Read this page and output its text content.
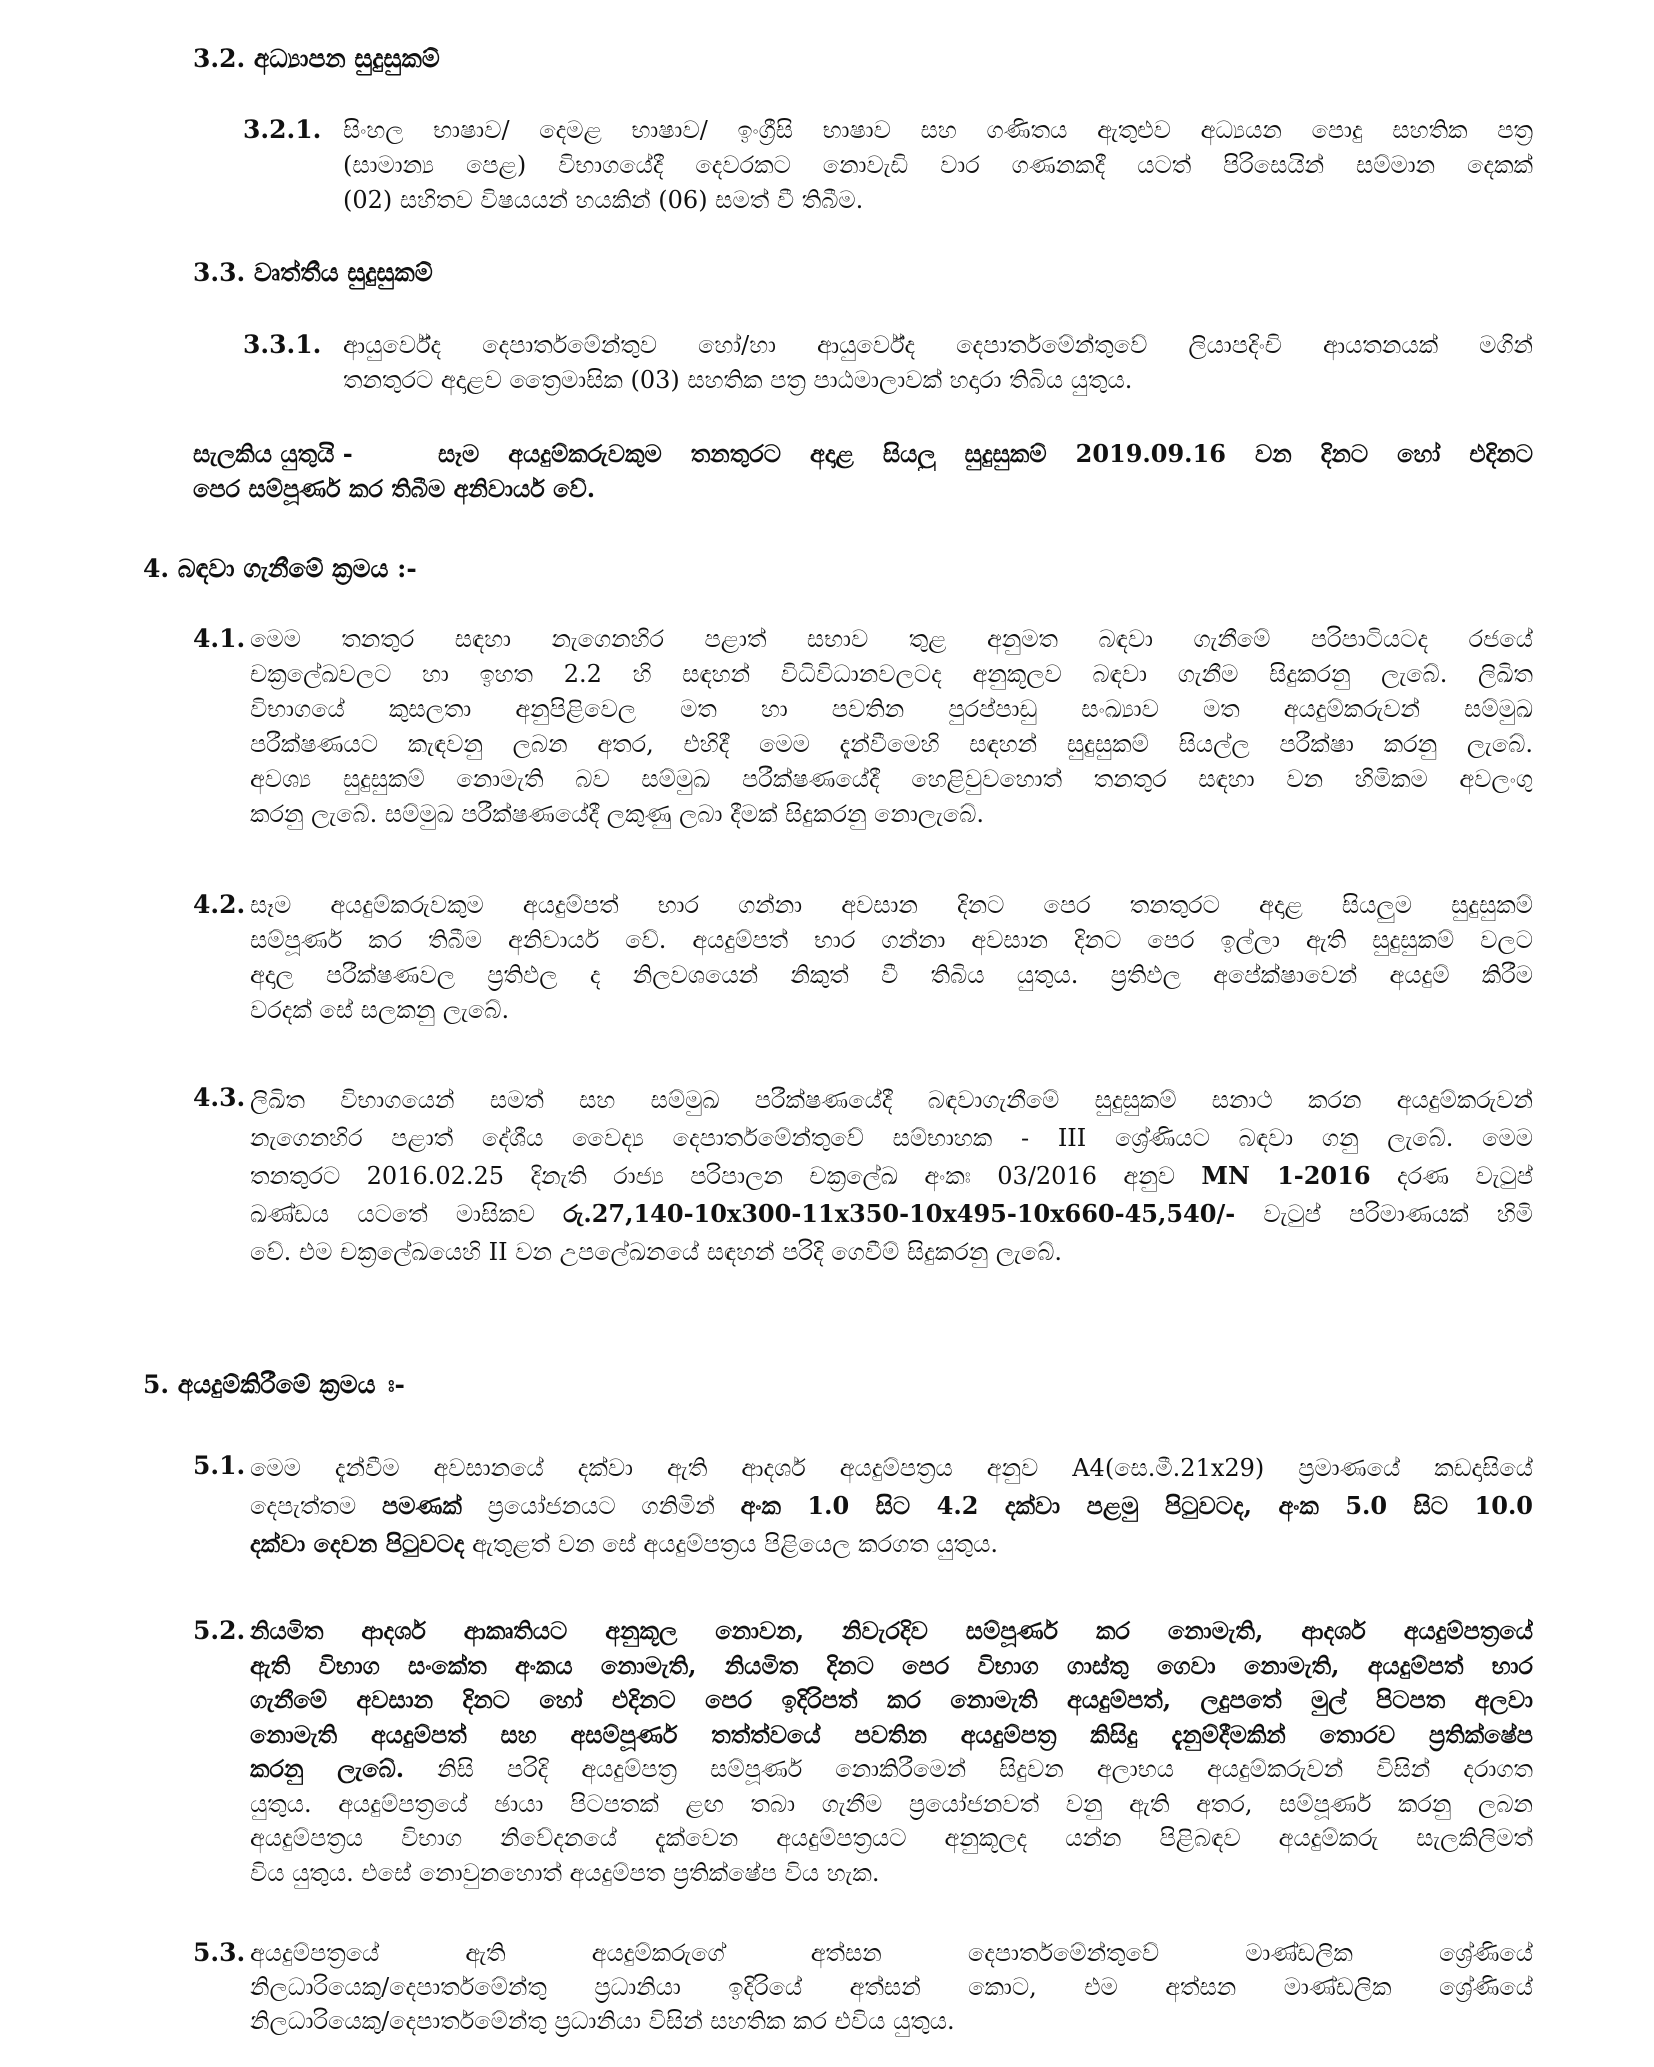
3.2. අධ්‍යාපන සුදුසුකම්
3.2.1. සිංහල භාෂාව/ දෙමළ භාෂාව/ ඉංග්‍රීසි භාෂාව සහ ගණිතය ඇතුළුව අධ්‍යයන පොදු සහතික පත්‍ර
(සාමාන්‍ය පෙළ) විභාගයේදී දෙවරකට නොවැඩි වාර ගණනකදී යටත් පිරිසෙයින් සම්මාන දෙකක්
(02) සහිතව විෂයයන් හයකින් (06) සමත් වී තිබීම.
3.3. වෘත්තීය සුදුසුකම්
3.3.1. ආයුර්වේද දෙපාර්තමේන්තුව හෝ/හා ආයුර්වේද දෙපාර්තමේන්තුවේ ලියාපදිංචි ආයතනයක් මගින්
තනතුරට අදාළව ත්‍රෛමාසික (03) සහතික පත්‍ර පාඨමාලාවක් හදාරා තිබිය යුතුය.
සැලකිය යුතුයි -	සෑම අයදුම්කරුවකුම තනතුරට අදාළ සියලු සුදුසුකම් 2019.09.16 වන දිනට හෝ එදිනට
පෙර සම්පූර්ණ කර තිබීම අනිවාර්ය වේ.
4. බඳවා ගැනීමේ ක්‍රමය :-
4.1. මෙම තනතුර සඳහා නැගෙනහිර පළාත් සභාව තුළ අනුමත බඳවා ගැනීමේ පරිපාටියටද රජයේ
චක්‍රලේඛවලට හා ඉහත 2.2 හි සඳහන් විධිවිධානවලටද අනුකූලව බඳවා ගැනීම සිදුකරනු ලැබේ. ලිඛිත
විභාගයේ කුසලතා අනුපිළිවෙල මත හා පවතින පුරප්පාඩු සංඛ්‍යාව මත අයදුම්කරුවන් සම්මුඛ
පරීක්ෂණයට කැඳවනු ලබන අතර, එහිදී මෙම දැන්වීමෙහි සඳහන් සුදුසුකම් සියල්ල පරීක්ෂා කරනු ලැබේ.
අවශ්‍ය සුදුසුකම් නොමැති බව සම්මුඛ පරීක්ෂණයේදී හෙළිවුවහොත් තනතුර සඳහා වන හිමිකම අවලංගු
කරනු ලැබේ. සම්මුඛ පරීක්ෂණයේදී ලකුණු ලබා දීමක් සිදුකරනු නොලැබේ.
4.2. සෑම අයදුම්කරුවකුම අයදුම්පත් භාර ගන්නා අවසාන දිනට පෙර තනතුරට අදාළ සියලුම සුදුසුකම්
සම්පූර්ණ කර තිබීම අනිවාර්ය වේ. අයදුම්පත් භාර ගන්නා අවසාන දිනට පෙර ඉල්ලා ඇති සුදුසුකම් වලට
අදාල පරීක්ෂණවල ප්‍රතිඵල ද නිලවශයෙන් නිකුත් වී තිබිය යුතුය. ප්‍රතිඵල අපේක්ෂාවෙන් අයදුම් කිරීම
වරදක් සේ සලකනු ලැබේ.
4.3. ලිඛිත විභාගයෙන් සමත් සහ සම්මුඛ පරීක්ෂණයේදී බඳවාගැනීමේ සුදුසුකම් සනාථ කරන අයදුම්කරුවන්
නැගෙනහිර පළාත් දේශීය වෛද්‍ය දෙපාර්තමේන්තුවේ සම්භාහක - III ශ්‍රේණියට බඳවා ගනු ලැබේ. මෙම
තනතුරට 2016.02.25 දිනැති රාජ්‍ය පරිපාලන චක්‍රලේඛ අංකඃ 03/2016 අනුව MN 1-2016 දරණ වැටුප්
ඛණ්ඩය යටතේ මාසිකව රු.27,140-10x300-11x350-10x495-10x660-45,540/- වැටුප් පරිමාණයක් හිමි
වේ. එම චක්‍රලේඛයෙහි II වන උපලේඛනයේ සඳහන් පරිදි ගෙවීම් සිදුකරනු ලැබේ.
5. අයදුම්කිරීමේ ක්‍රමය ඃ-
5.1. මෙම දැන්වීම අවසානයේ දක්වා ඇති ආදර්ශ අයදුම්පත්‍රය අනුව A4(සෙ.මී.21x29) ප්‍රමාණයේ කඩදාසියේ
දෙපැත්තම පමණක් ප්‍රයෝජනයට ගනිමින් අංක 1.0 සිට 4.2 දක්වා පළමු පිටුවටද, අංක 5.0 සිට 10.0
දක්වා දෙවන පිටුවටද ඇතුළත් වන සේ අයදුම්පත්‍රය පිළියෙල කරගත යුතුය.
5.2. නියමිත ආදර්ශ ආකෘතියට අනුකූල නොවන, නිවැරදිව සම්පූර්ණ කර නොමැති, ආදර්ශ අයදුම්පත්‍රයේ
ඇති විභාග සංකේත අංකය නොමැති, නියමිත දිනට පෙර විභාග ගාස්තු ගෙවා නොමැති, අයදුම්පත් භාර
ගැනීමේ අවසාන දිනට හෝ එදිනට පෙර ඉදිරිපත් කර නොමැති අයදුම්පත්, ලදුපතේ මුල් පිටපත අලවා
නොමැති අයදුම්පත් සහ අසම්පූර්ණ තත්ත්වයේ පවතින අයදුම්පත්‍ර කිසිදු දැනුම්දීමකින් තොරව ප්‍රතික්ෂේප
කරනු ලැබේ. නිසි පරිදි අයදුම්පත්‍ර සම්පූර්ණ නොකිරීමෙන් සිදුවන අලාභය අයදුම්කරුවන් විසින් දරාගත
යුතුය. අයදුම්පත්‍රයේ ඡායා පිටපතක් ළඟ තබා ගැනීම ප්‍රයෝජනවත් වනු ඇති අතර, සම්පූර්ණ කරනු ලබන
අයදුම්පත්‍රය විභාග නිවේදනයේ දැක්වෙන අයදුම්පත්‍රයට අනුකූලද යන්න පිළිබඳව අයදුම්කරු සැලකිලිමත්
විය යුතුය. එසේ නොවුනහොත් අයදුම්පත ප්‍රතික්ෂේප විය හැක.
5.3. අයදුම්පත්‍රයේ ඇති අයදුම්කරුගේ අත්සන දෙපාර්තමේන්තුවේ මාණ්ඩලික ශ්‍රේණියේ
නිලධාරියෙකු/දෙපාර්තමේන්තු ප්‍රධානියා ඉදිරියේ අත්සන් කොට, එම අත්සන මාණ්ඩලික ශ්‍රේණියේ
නිලධාරියෙකු/දෙපාර්තමේන්තු ප්‍රධානියා විසින් සහතික කර එවිය යුතුය.
